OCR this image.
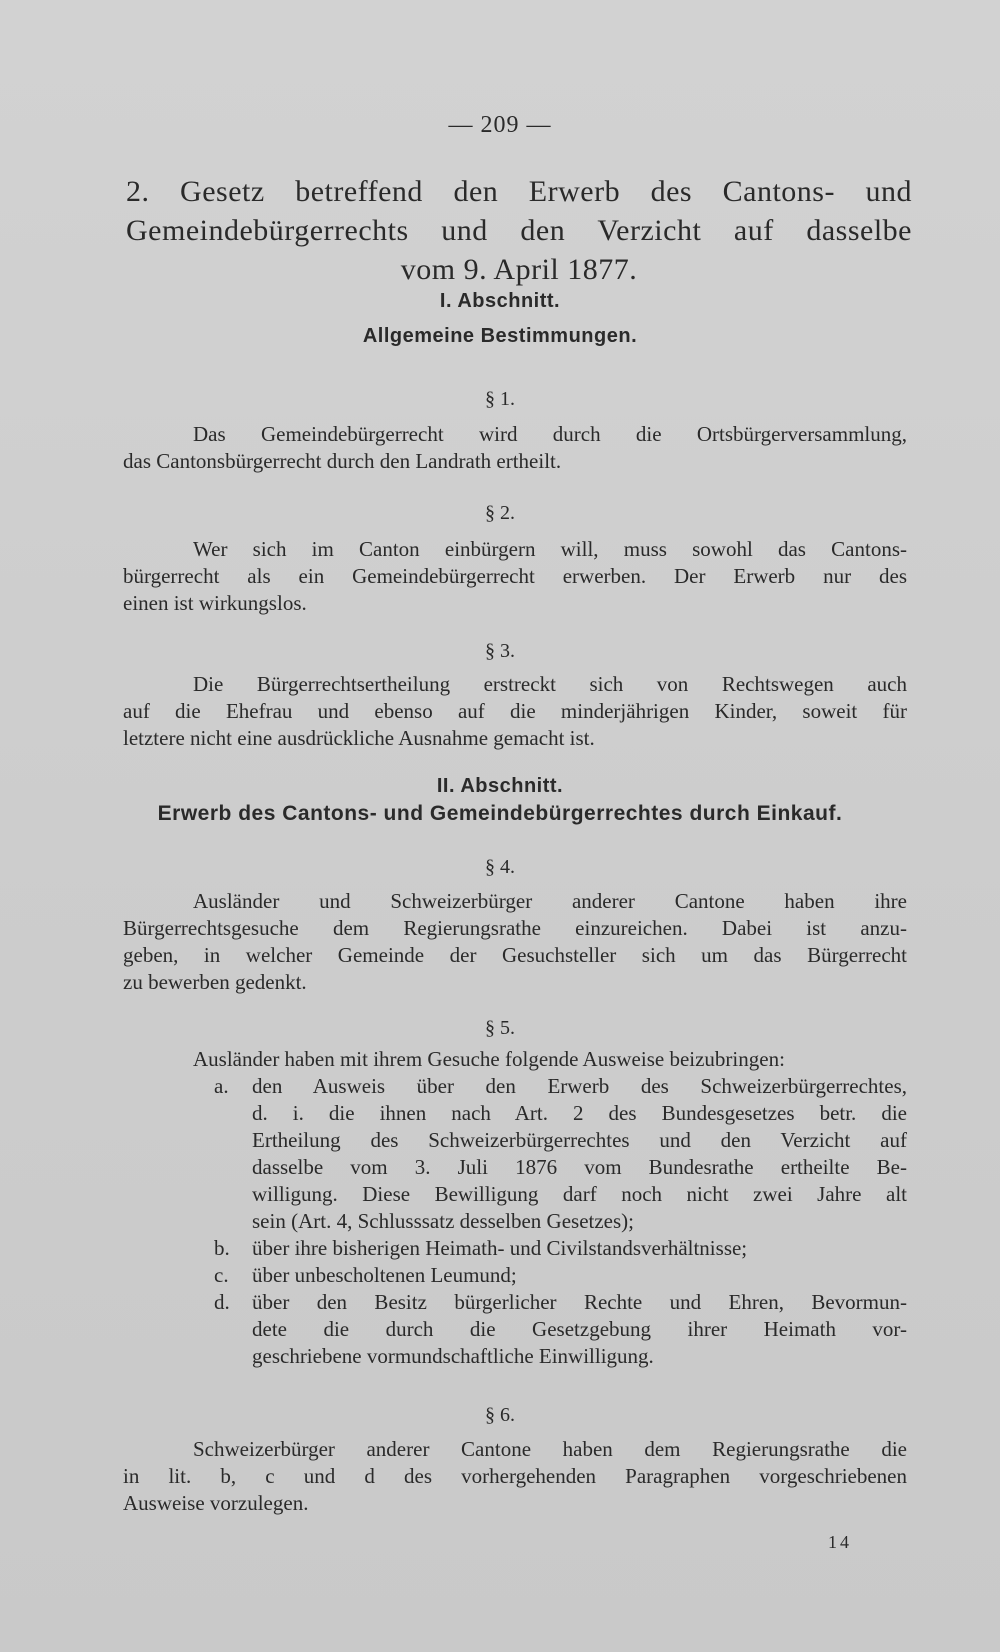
— 209 —
2. Gesetz betreffend den Erwerb des Cantons- und
Gemeindebürgerrechts und den Verzicht auf dasselbe
vom 9. April 1877.
I. Abschnitt.
Allgemeine Bestimmungen.
§ 1.
Das Gemeindebürgerrecht wird durch die Ortsbürgerversammlung,
das Cantonsbürgerrecht durch den Landrath ertheilt.
§ 2.
Wer sich im Canton einbürgern will, muss sowohl das Cantons-
bürgerrecht als ein Gemeindebürgerrecht erwerben. Der Erwerb nur des
einen ist wirkungslos.
§ 3.
Die Bürgerrechtsertheilung erstreckt sich von Rechtswegen auch
auf die Ehefrau und ebenso auf die minderjährigen Kinder, soweit für
letztere nicht eine ausdrückliche Ausnahme gemacht ist.
II. Abschnitt.
Erwerb des Cantons- und Gemeindebürgerrechtes durch Einkauf.
§ 4.
Ausländer und Schweizerbürger anderer Cantone haben ihre
Bürgerrechtsgesuche dem Regierungsrathe einzureichen. Dabei ist anzu-
geben, in welcher Gemeinde der Gesuchsteller sich um das Bürgerrecht
zu bewerben gedenkt.
§ 5.
Ausländer haben mit ihrem Gesuche folgende Ausweise beizubringen:
a. den Ausweis über den Erwerb des Schweizerbürgerrechtes,
d. i. die ihnen nach Art. 2 des Bundesgesetzes betr. die
Ertheilung des Schweizerbürgerrechtes und den Verzicht auf
dasselbe vom 3. Juli 1876 vom Bundesrathe ertheilte Be-
willigung. Diese Bewilligung darf noch nicht zwei Jahre alt
sein (Art. 4, Schlusssatz desselben Gesetzes);
b. über ihre bisherigen Heimath- und Civilstandsverhältnisse;
c. über unbescholtenen Leumund;
d. über den Besitz bürgerlicher Rechte und Ehren, Bevormun-
dete die durch die Gesetzgebung ihrer Heimath vor-
geschriebene vormundschaftliche Einwilligung.
§ 6.
Schweizerbürger anderer Cantone haben dem Regierungsrathe die
in lit. b, c und d des vorhergehenden Paragraphen vorgeschriebenen
Ausweise vorzulegen.
14
